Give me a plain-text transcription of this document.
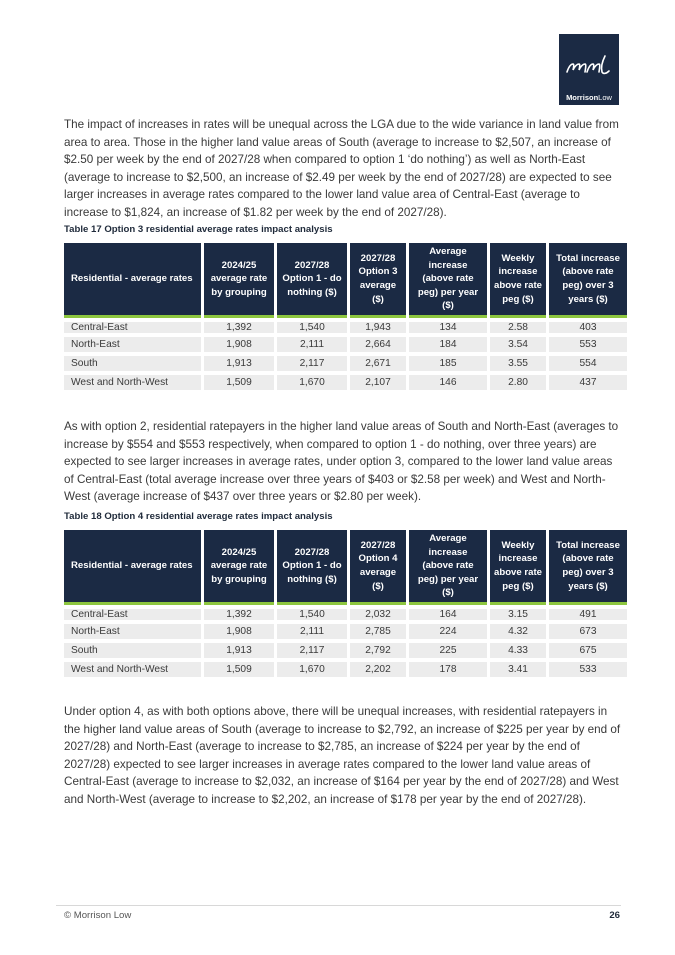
MorrisonLow

The impact of increases in rates will be unequal across the LGA due to the wide variance in land value from area to area. Those in the higher land value areas of South (average to increase to $2,507, an increase of $2.50 per week by the end of 2027/28 when compared to option 1 ‘do nothing’) as well as North-East (average to increase to $2,500, an increase of $2.49 per week by the end of 2027/28) are expected to see larger increases in average rates compared to the lower land value area of Central-East (average to increase to $1,824, an increase of $1.82 per week by the end of 2027/28).

Table 17 Option 3 residential average rates impact analysis
Residential - average rates	2024/25 average rate by grouping	2027/28 Option 1 - do nothing ($)	2027/28 Option 3 average ($)	Average increase (above rate peg) per year ($)	Weekly increase above rate peg ($)	Total increase (above rate peg) over 3 years ($)
Central-East	1,392	1,540	1,943	134	2.58	403
North-East	1,908	2,111	2,664	184	3.54	553
South	1,913	2,117	2,671	185	3.55	554
West and North-West	1,509	1,670	2,107	146	2.80	437

As with option 2, residential ratepayers in the higher land value areas of South and North-East (averages to increase by $554 and $553 respectively, when compared to option 1 - do nothing, over three years) are expected to see larger increases in average rates, under option 3, compared to the lower land value areas of Central-East (total average increase over three years of $403 or $2.58 per week) and West and North-West (average increase of $437 over three years or $2.80 per week).

Table 18 Option 4 residential average rates impact analysis
Residential - average rates	2024/25 average rate by grouping	2027/28 Option 1 - do nothing ($)	2027/28 Option 4 average ($)	Average increase (above rate peg) per year ($)	Weekly increase above rate peg ($)	Total increase (above rate peg) over 3 years ($)
Central-East	1,392	1,540	2,032	164	3.15	491
North-East	1,908	2,111	2,785	224	4.32	673
South	1,913	2,117	2,792	225	4.33	675
West and North-West	1,509	1,670	2,202	178	3.41	533

Under option 4, as with both options above, there will be unequal increases, with residential ratepayers in the higher land value areas of South (average to increase to $2,792, an increase of $225 per year by end of 2027/28) and North-East (average to increase to $2,785, an increase of $224 per year by the end of 2027/28) expected to see larger increases in average rates compared to the lower land value areas of Central-East (average to increase to $2,032, an increase of $164 per year by the end of 2027/28) and West and North-West (average to increase to $2,202, an increase of $178 per year by the end of 2027/28).

© Morrison Low	26
